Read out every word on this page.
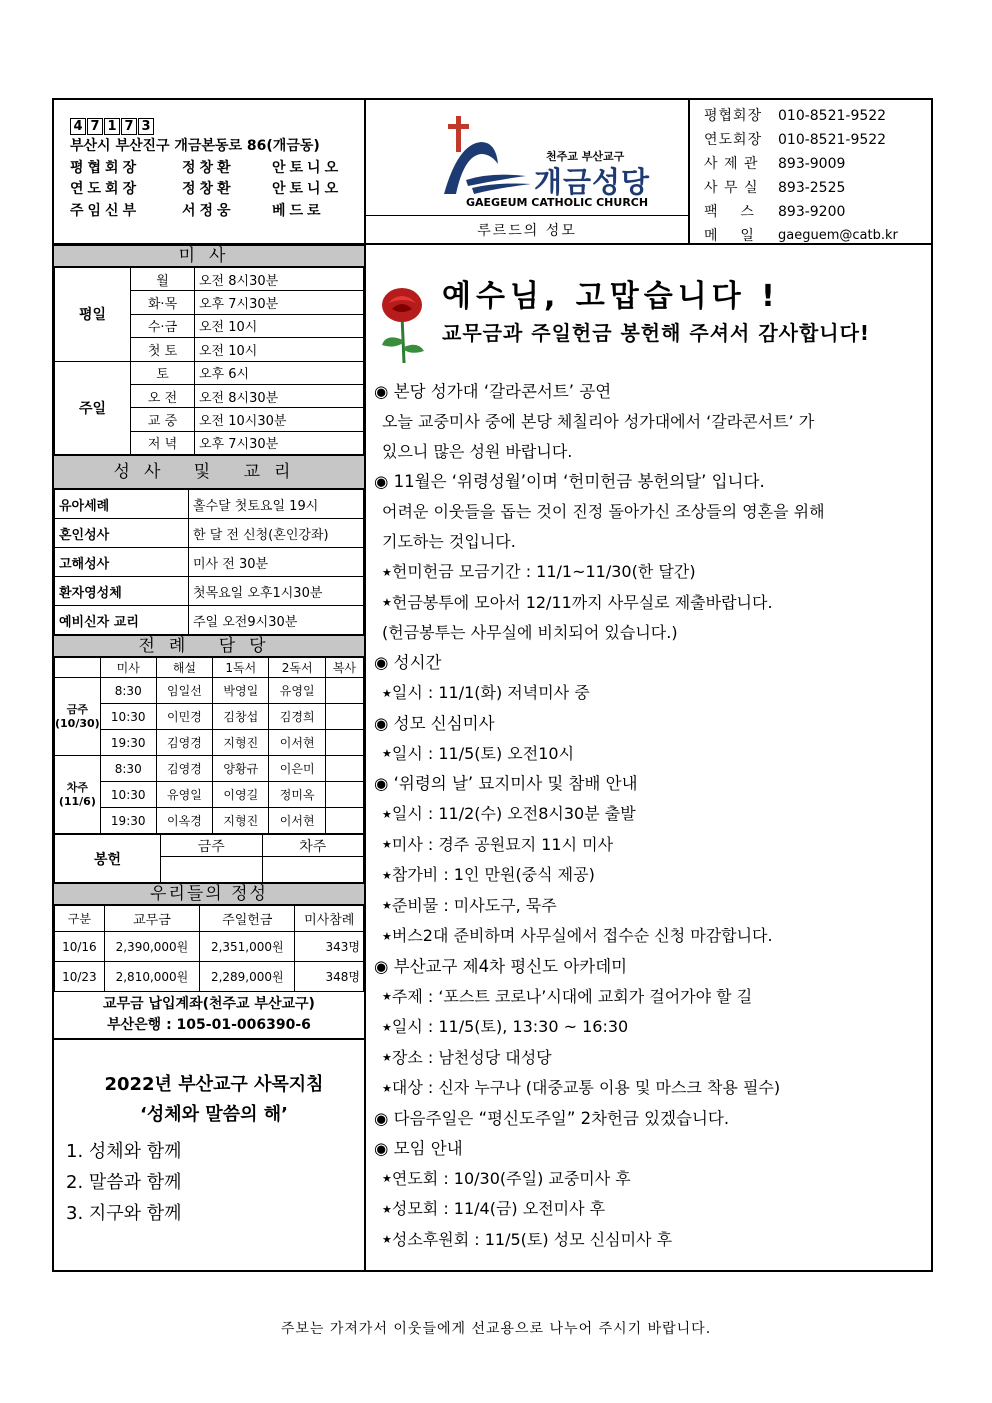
4 7 1 7 3
부산시 부산진구 개금본동로 86(개금동)
평협회장	정창환	안토니오
연도회장	정창환	안토니오
주임신부	서정웅	베드로
천주교 부산교구
개금성당
GAEGEUM CATHOLIC CHURCH
루르드의 성모
평협회장	010-8521-9522
연도회장	010-8521-9522
사 제 관	893-9009
사 무 실	893-2525
팩    스	893-9200
메    일	gaeguem@catb.kr
미사
평일	월	오전 8시30분
	화·목	오후 7시30분
	수·금	오전 10시
	첫 토	오전 10시
주일	토	오후 6시
	오 전	오전 8시30분
	교 중	오전 10시30분
	저 녁	오후 7시30분
성사 및 교리
유아세례	홀수달 첫토요일 19시
혼인성사	한 달 전 신청(혼인강좌)
고해성사	미사 전 30분
환자영성체	첫목요일 오후1시30분
예비신자 교리	주일 오전9시30분
전례 담당
	미사	해설	1독서	2독서	복사
금주(10/30)	8:30	임일선	박영일	유영일	
	10:30	이민경	김창섭	김경희	
	19:30	김영경	지형진	이서현	
차주(11/6)	8:30	김영경	양황규	이은미	
	10:30	유영일	이영길	정미옥	
	19:30	이옥경	지형진	이서현	
봉헌	금주	차주

우리들의 정성
구분	교무금	주일헌금	미사참례
10/16	2,390,000원	2,351,000원	343명
10/23	2,810,000원	2,289,000원	348명
교무금 납입계좌(천주교 부산교구)
부산은행 : 105-01-006390-6
2022년 부산교구 사목지침
‘성체와 말씀의 해’
1. 성체와 함께
2. 말씀과 함께
3. 지구와 함께
예수님, 고맙습니다 !
교무금과 주일헌금 봉헌해 주셔서 감사합니다!
◉ 본당 성가대 ‘갈라콘서트’ 공연
오늘 교중미사 중에 본당 체칠리아 성가대에서 ‘갈라콘서트’ 가
있으니 많은 성원 바랍니다.
◉ 11월은 ‘위령성월’이며 ‘헌미헌금 봉헌의달’ 입니다.
어려운 이웃들을 돕는 것이 진정 돌아가신 조상들의 영혼을 위해
기도하는 것입니다.
★ 헌미헌금 모금기간 : 11/1~11/30(한 달간)
★ 헌금봉투에 모아서 12/11까지 사무실로 제출바랍니다.
(헌금봉투는 사무실에 비치되어 있습니다.)
◉ 성시간
★ 일시 : 11/1(화) 저녁미사 중
◉ 성모 신심미사
★ 일시 : 11/5(토) 오전10시
◉ ‘위령의 날’ 묘지미사 및 참배 안내
★ 일시 : 11/2(수) 오전8시30분 출발
★ 미사 : 경주 공원묘지 11시 미사
★ 참가비 : 1인 만원(중식 제공)
★ 준비물 : 미사도구, 묵주
★ 버스2대 준비하며 사무실에서 접수순 신청 마감합니다.
◉ 부산교구 제4차 평신도 아카데미
★ 주제 : ‘포스트 코로나’시대에 교회가 걸어가야 할 길
★ 일시 : 11/5(토), 13:30 ~ 16:30
★ 장소 : 남천성당 대성당
★ 대상 : 신자 누구나 (대중교통 이용 및 마스크 착용 필수)
◉ 다음주일은 “평신도주일” 2차헌금 있겠습니다.
◉ 모임 안내
★ 연도회 : 10/30(주일) 교중미사 후
★ 성모회 : 11/4(금) 오전미사 후
★ 성소후원회 : 11/5(토) 성모 신심미사 후
주보는 가져가서 이웃들에게 선교용으로 나누어 주시기 바랍니다.
